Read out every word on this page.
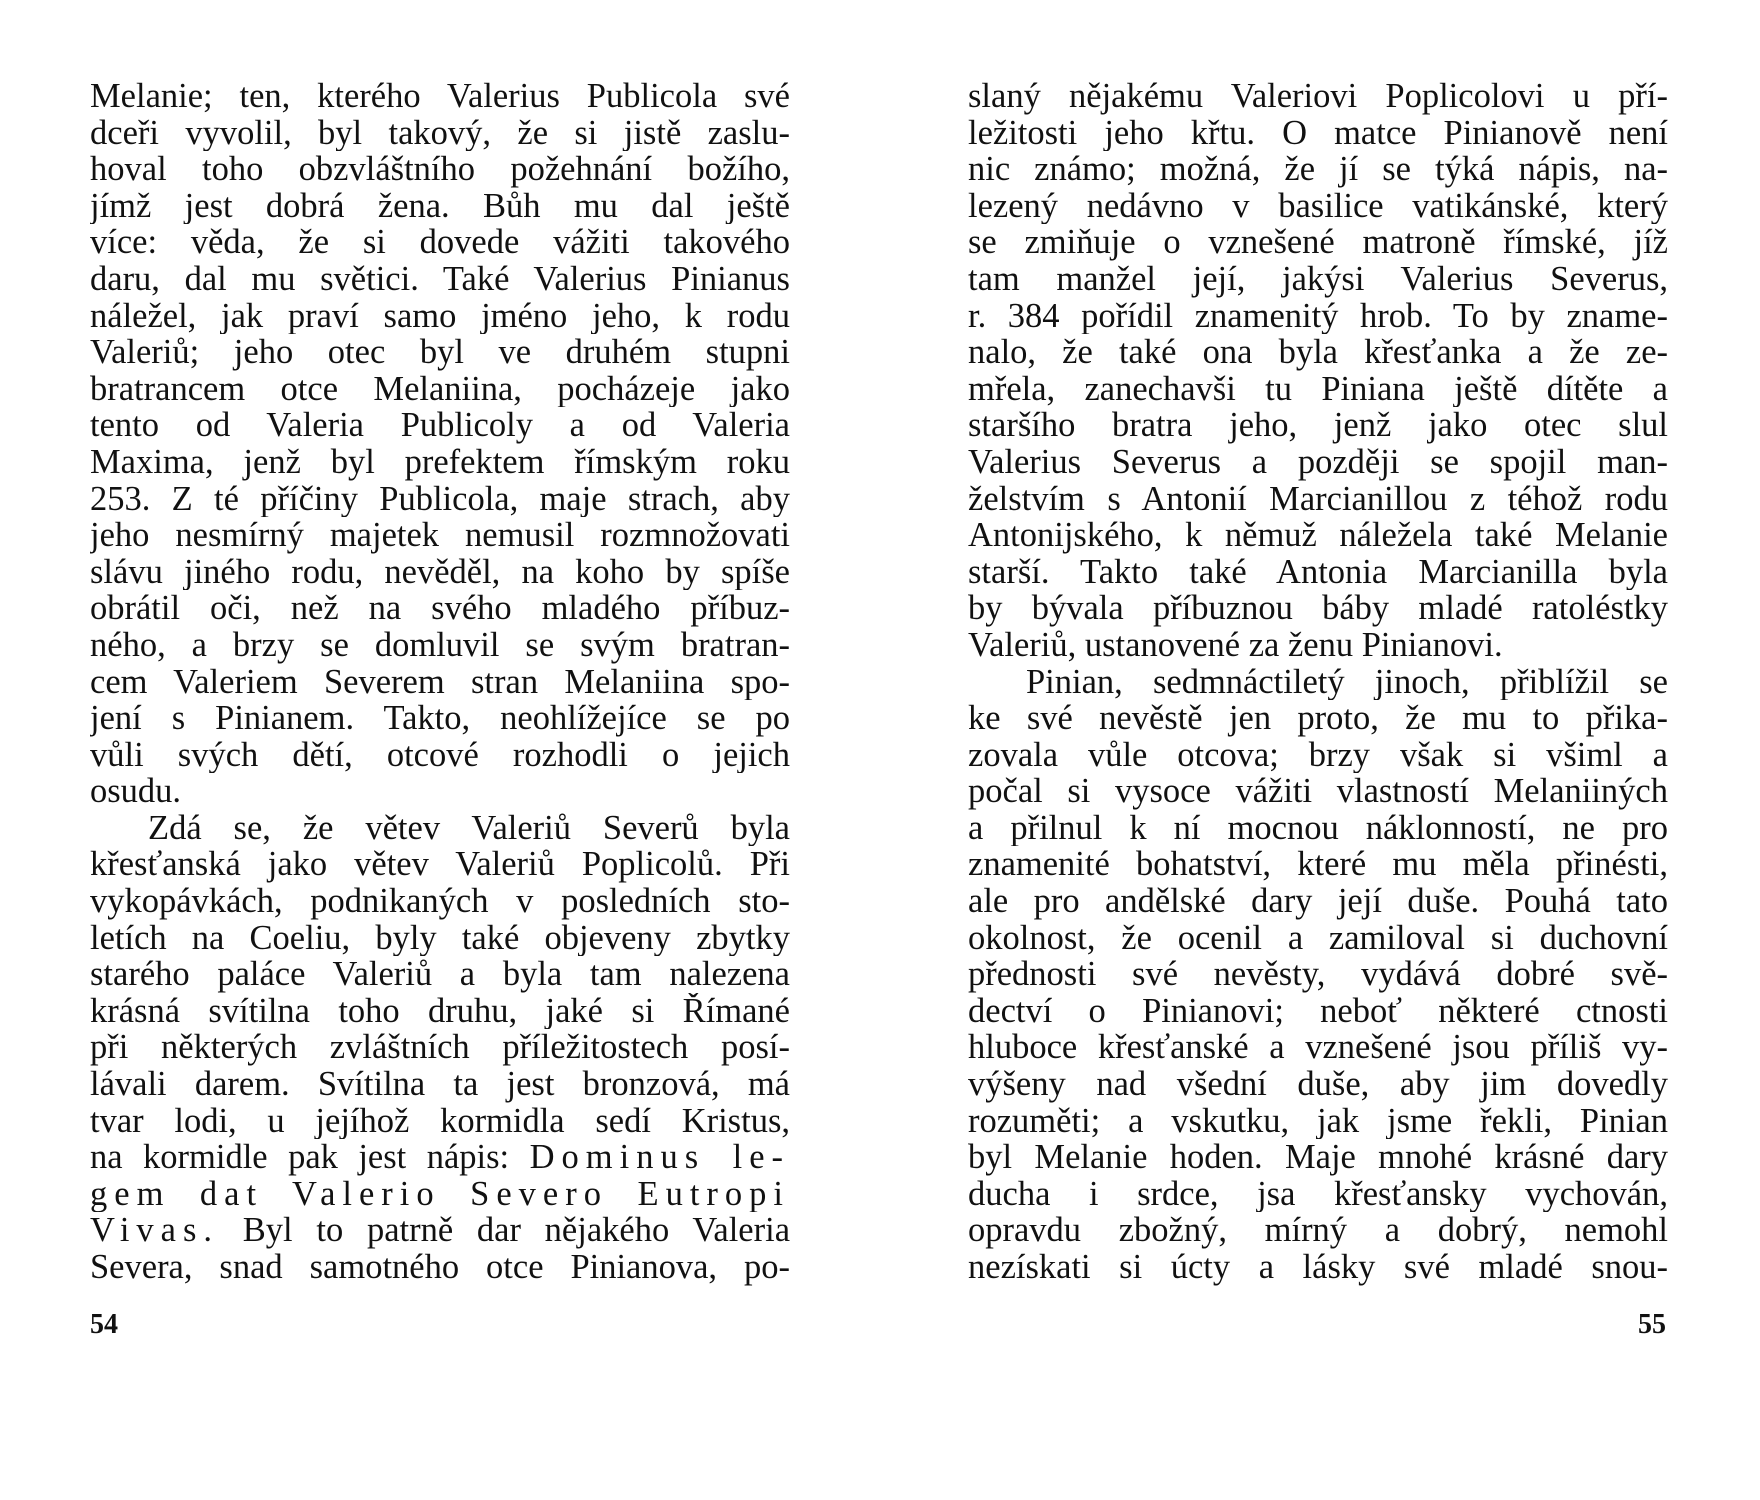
Melanie; ten, kterého Valerius Publicola své
dceři vyvolil, byl takový, že si jistě zaslu-
hoval toho obzvláštního požehnání božího,
jímž jest dobrá žena. Bůh mu dal ještě
více: věda, že si dovede vážiti takového
daru, dal mu světici. Také Valerius Pinianus
náležel, jak praví samo jméno jeho, k rodu
Valeriů; jeho otec byl ve druhém stupni
bratrancem otce Melaniina, pocházeje jako
tento od Valeria Publicoly a od Valeria
Maxima, jenž byl prefektem římským roku
253. Z té příčiny Publicola, maje strach, aby
jeho nesmírný majetek nemusil rozmnožovati
slávu jiného rodu, nevěděl, na koho by spíše
obrátil oči, než na svého mladého příbuz-
ného, a brzy se domluvil se svým bratran-
cem Valeriem Severem stran Melaniina spo-
jení s Pinianem. Takto, neohlížejíce se po
vůli svých dětí, otcové rozhodli o jejich
osudu.
Zdá se, že větev Valeriů Severů byla
křesťanská jako větev Valeriů Poplicolů. Při
vykopávkách, podnikaných v posledních sto-
letích na Coeliu, byly také objeveny zbytky
starého paláce Valeriů a byla tam nalezena
krásná svítilna toho druhu, jaké si Římané
při některých zvláštních příležitostech posí-
lávali darem. Svítilna ta jest bronzová, má
tvar lodi, u jejíhož kormidla sedí Kristus,
na kormidle pak jest nápis: Dominus le-
gem dat Valerio Severo Eutropi
Vivas. Byl to patrně dar nějakého Valeria
Severa, snad samotného otce Pinianova, po-
54
slaný nějakému Valeriovi Poplicolovi u pří-
ležitosti jeho křtu. O matce Pinianově není
nic známo; možná, že jí se týká nápis, na-
lezený nedávno v basilice vatikánské, který
se zmiňuje o vznešené matroně římské, jíž
tam manžel její, jakýsi Valerius Severus,
r. 384 pořídil znamenitý hrob. To by zname-
nalo, že také ona byla křesťanka a že ze-
mřela, zanechavši tu Piniana ještě dítěte a
staršího bratra jeho, jenž jako otec slul
Valerius Severus a později se spojil man-
želstvím s Antonií Marcianillou z téhož rodu
Antonijského, k němuž náležela také Melanie
starší. Takto také Antonia Marcianilla byla
by bývala příbuznou báby mladé ratoléstky
Valeriů, ustanovené za ženu Pinianovi.
Pinian, sedmnáctiletý jinoch, přiblížil se
ke své nevěstě jen proto, že mu to přika-
zovala vůle otcova; brzy však si všiml a
počal si vysoce vážiti vlastností Melaniiných
a přilnul k ní mocnou náklonností, ne pro
znamenité bohatství, které mu měla přinésti,
ale pro andělské dary její duše. Pouhá tato
okolnost, že ocenil a zamiloval si duchovní
přednosti své nevěsty, vydává dobré svě-
dectví o Pinianovi; neboť některé ctnosti
hluboce křesťanské a vznešené jsou příliš vy-
výšeny nad všední duše, aby jim dovedly
rozuměti; a vskutku, jak jsme řekli, Pinian
byl Melanie hoden. Maje mnohé krásné dary
ducha i srdce, jsa křesťansky vychován,
opravdu zbožný, mírný a dobrý, nemohl
nezískati si úcty a lásky své mladé snou-
55
